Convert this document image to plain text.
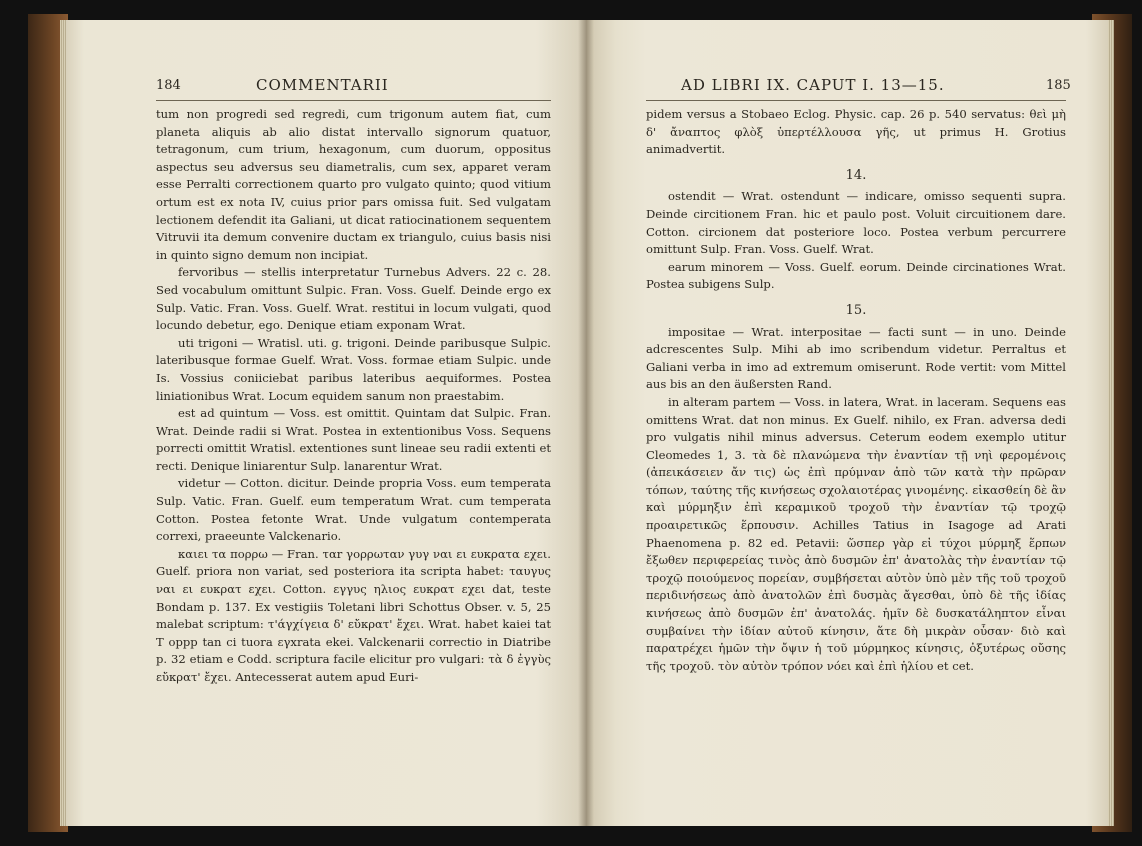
184	COMMENTARII

tum non progredi sed regredi, cum trigonum autem fiat, cum planeta aliquis ab alio distat intervallo signorum quatuor, tetragonum, cum trium, hexagonum, cum duorum, oppositus aspectus seu adversus seu diametralis, cum sex, apparet veram esse Perralti correctionem quarto pro vulgato quinto; quod vitium ortum est ex nota IV, cuius prior pars omissa fuit. Sed vulgatam lectionem defendit ita Galiani, ut dicat ratiocinationem sequentem Vitruvii ita demum convenire ductam ex triangulo, cuius basis nisi in quinto signo demum non incipiat.

fervoribus — stellis interpretatur Turnebus Advers. 22 c. 28. Sed vocabulum omittunt Sulpic. Fran. Voss. Guelf. Deinde ergo ex Sulp. Vatic. Fran. Voss. Guelf. Wrat. restitui in locum vulgati, quod locundo debetur, ego. Denique etiam exponam Wrat.

uti trigoni — Wratisl. uti. g. trigoni. Deinde paribusque Sulpic. lateribusque formae Guelf. Wrat. Voss. formae etiam Sulpic. unde Is. Vossius coniiciebat paribus lateribus aequiformes. Postea liniationibus Wrat. Locum equidem sanum non praestabim.

est ad quintum — Voss. est omittit. Quintam dat Sulpic. Fran. Wrat. Deinde radii si Wrat. Postea in extentionibus Voss. Sequens porrecti omittit Wratisl. extentiones sunt lineae seu radii extenti et recti. Denique liniarentur Sulp. lanarentur Wrat.

videtur — Cotton. dicitur. Deinde propria Voss. eum temperata Sulp. Vatic. Fran. Guelf. eum temperatum Wrat. cum temperata Cotton. Postea fetonte Wrat. Unde vulgatum contemperata correxi, praeeunte Valckenario.

καιει τα πορρω — Fran. ταr γορρωταν γυγ ναι ει ευκρατα εχει. Guelf. priora non variat, sed posteriora ita scripta habet: ταυγυς ναι ει ευκρατ εχει. Cotton. εγγυς ηλιος ευκρατ εχει dat, teste Bondam p. 137. Ex vestigiis Toletani libri Schottus Obser. v. 5, 25 malebat scriptum: τ'άγχίγεια δ' εὔκρατ' ἔχει. Wrat. habet kaiei tat T oppp tan ci tuora εγxrata ekei. Valckenarii correctio in Diatribe p. 32 etiam e Codd. scriptura facile elicitur pro vulgari: τὰ δ ἐγγὺς εὔκρατ' ἔχει. Antecesserat autem apud Euri-

AD LIBRI IX. CAPUT I. 13—15.	185

pidem versus a Stobaeo Eclog. Physic. cap. 26 p. 540 servatus: θεὶ μὴ δ' ἄναπτος φλὸξ ὑπερτέλλουσα γῆς, ut primus H. Grotius animadvertit.

14.

ostendit — Wrat. ostendunt — indicare, omisso sequenti supra. Deinde circitionem Fran. hic et paulo post. Voluit circuitionem dare. Cotton. circionem dat posteriore loco. Postea verbum percurrere omittunt Sulp. Fran. Voss. Guelf. Wrat.

earum minorem — Voss. Guelf. eorum. Deinde circinationes Wrat. Postea subigens Sulp.

15.

impositae — Wrat. interpositae — facti sunt — in uno. Deinde adcrescentes Sulp. Mihi ab imo scribendum videtur. Perraltus et Galiani verba in imo ad extremum omiserunt. Rode vertit: vom Mittel aus bis an den äußersten Rand.

in alteram partem — Voss. in latera, Wrat. in laceram. Sequens eas omittens Wrat. dat non minus. Ex Guelf. nihilo, ex Fran. adversa dedi pro vulgatis nihil minus adversus. Ceterum eodem exemplo utitur Cleomedes 1, 3. τὰ δὲ πλανώμενα τὴν ἐναντίαν τῇ νηὶ φερομένοις (ἀπεικάσειεν ἄν τις) ὡς ἐπὶ πρύμναν ἀπὸ τῶν κατὰ τὴν πρῶραν τόπων, ταύτης τῆς κινήσεως σχολαιοτέρας γινομένης. εἰκασθείη δὲ ἂν καὶ μύρμηξιν ἐπὶ κεραμικοῦ τροχοῦ τὴν ἐναντίαν τῷ τροχῷ προαιρετικῶς ἕρπουσιν. Achilles Tatius in Isagoge ad Arati Phaenomena p. 82 ed. Petavii: ὥσπερ γὰρ εἰ τύχοι μύρμηξ ἕρπων ἔξωθεν περιφερείας τινὸς ἀπὸ δυσμῶν ἐπ' ἀνατολὰς τὴν ἐναντίαν τῷ τροχῷ ποιούμενος πορείαν, συμβήσεται αὐτὸν ὑπὸ μὲν τῆς τοῦ τροχοῦ περιδινήσεως ἀπὸ ἀνατολῶν ἐπὶ δυσμὰς ἄγεσθαι, ὑπὸ δὲ τῆς ἰδίας κινήσεως ἀπὸ δυσμῶν ἐπ' ἀνατολάς. ἡμῖν δὲ δυσκατάληπτον εἶναι συμβαίνει τὴν ἰδίαν αὐτοῦ κίνησιν, ἅτε δὴ μικρὰν οὖσαν· διὸ καὶ παρατρέχει ἡμῶν τὴν ὄψιν ἡ τοῦ μύρμηκος κίνησις, ὀξυτέρως οὔσης τῆς τροχοῦ. τὸν αὐτὸν τρόπον νόει καὶ ἐπὶ ἡλίου et cet.
